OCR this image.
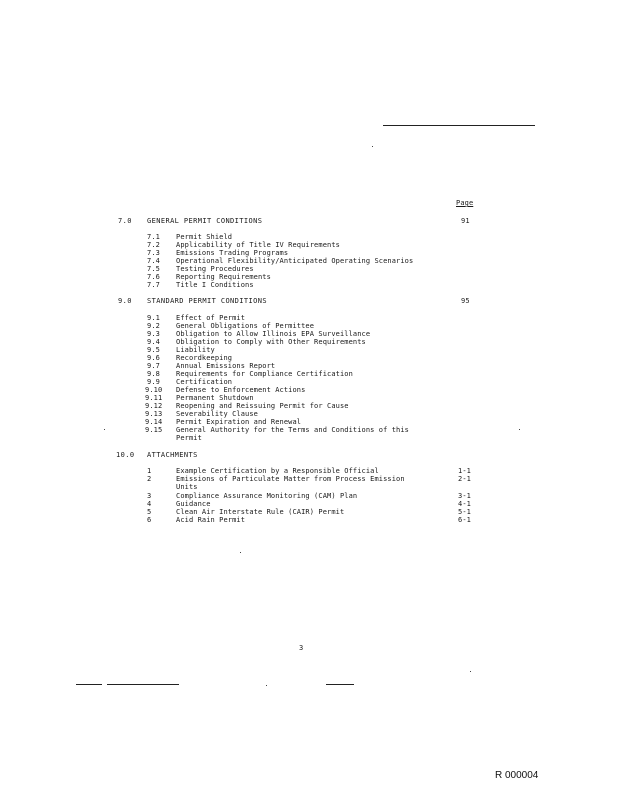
Page
7.0 GENERAL PERMIT CONDITIONS	91
7.1 Permit Shield
7.2 Applicability of Title IV Requirements
7.3 Emissions Trading Programs
7.4 Operational Flexibility/Anticipated Operating Scenarios
7.5 Testing Procedures
7.6 Reporting Requirements
7.7 Title I Conditions
9.0 STANDARD PERMIT CONDITIONS	95
9.1 Effect of Permit
9.2 General Obligations of Permittee
9.3 Obligation to Allow Illinois EPA Surveillance
9.4 Obligation to Comply with Other Requirements
9.5 Liability
9.6 Recordkeeping
9.7 Annual Emissions Report
9.8 Requirements for Compliance Certification
9.9 Certification
9.10 Defense to Enforcement Actions
9.11 Permanent Shutdown
9.12 Reopening and Reissuing Permit for Cause
9.13 Severability Clause
9.14 Permit Expiration and Renewal
9.15 General Authority for the Terms and Conditions of this
Permit
10.0 ATTACHMENTS
1	Example Certification by a Responsible Official	1-1
2	Emissions of Particulate Matter from Process Emission	2-1
Units
3	Compliance Assurance Monitoring (CAM) Plan	3-1
4	Guidance	4-1
5	Clean Air Interstate Rule (CAIR) Permit	5-1
6	Acid Rain Permit	6-1
3
R 000004
